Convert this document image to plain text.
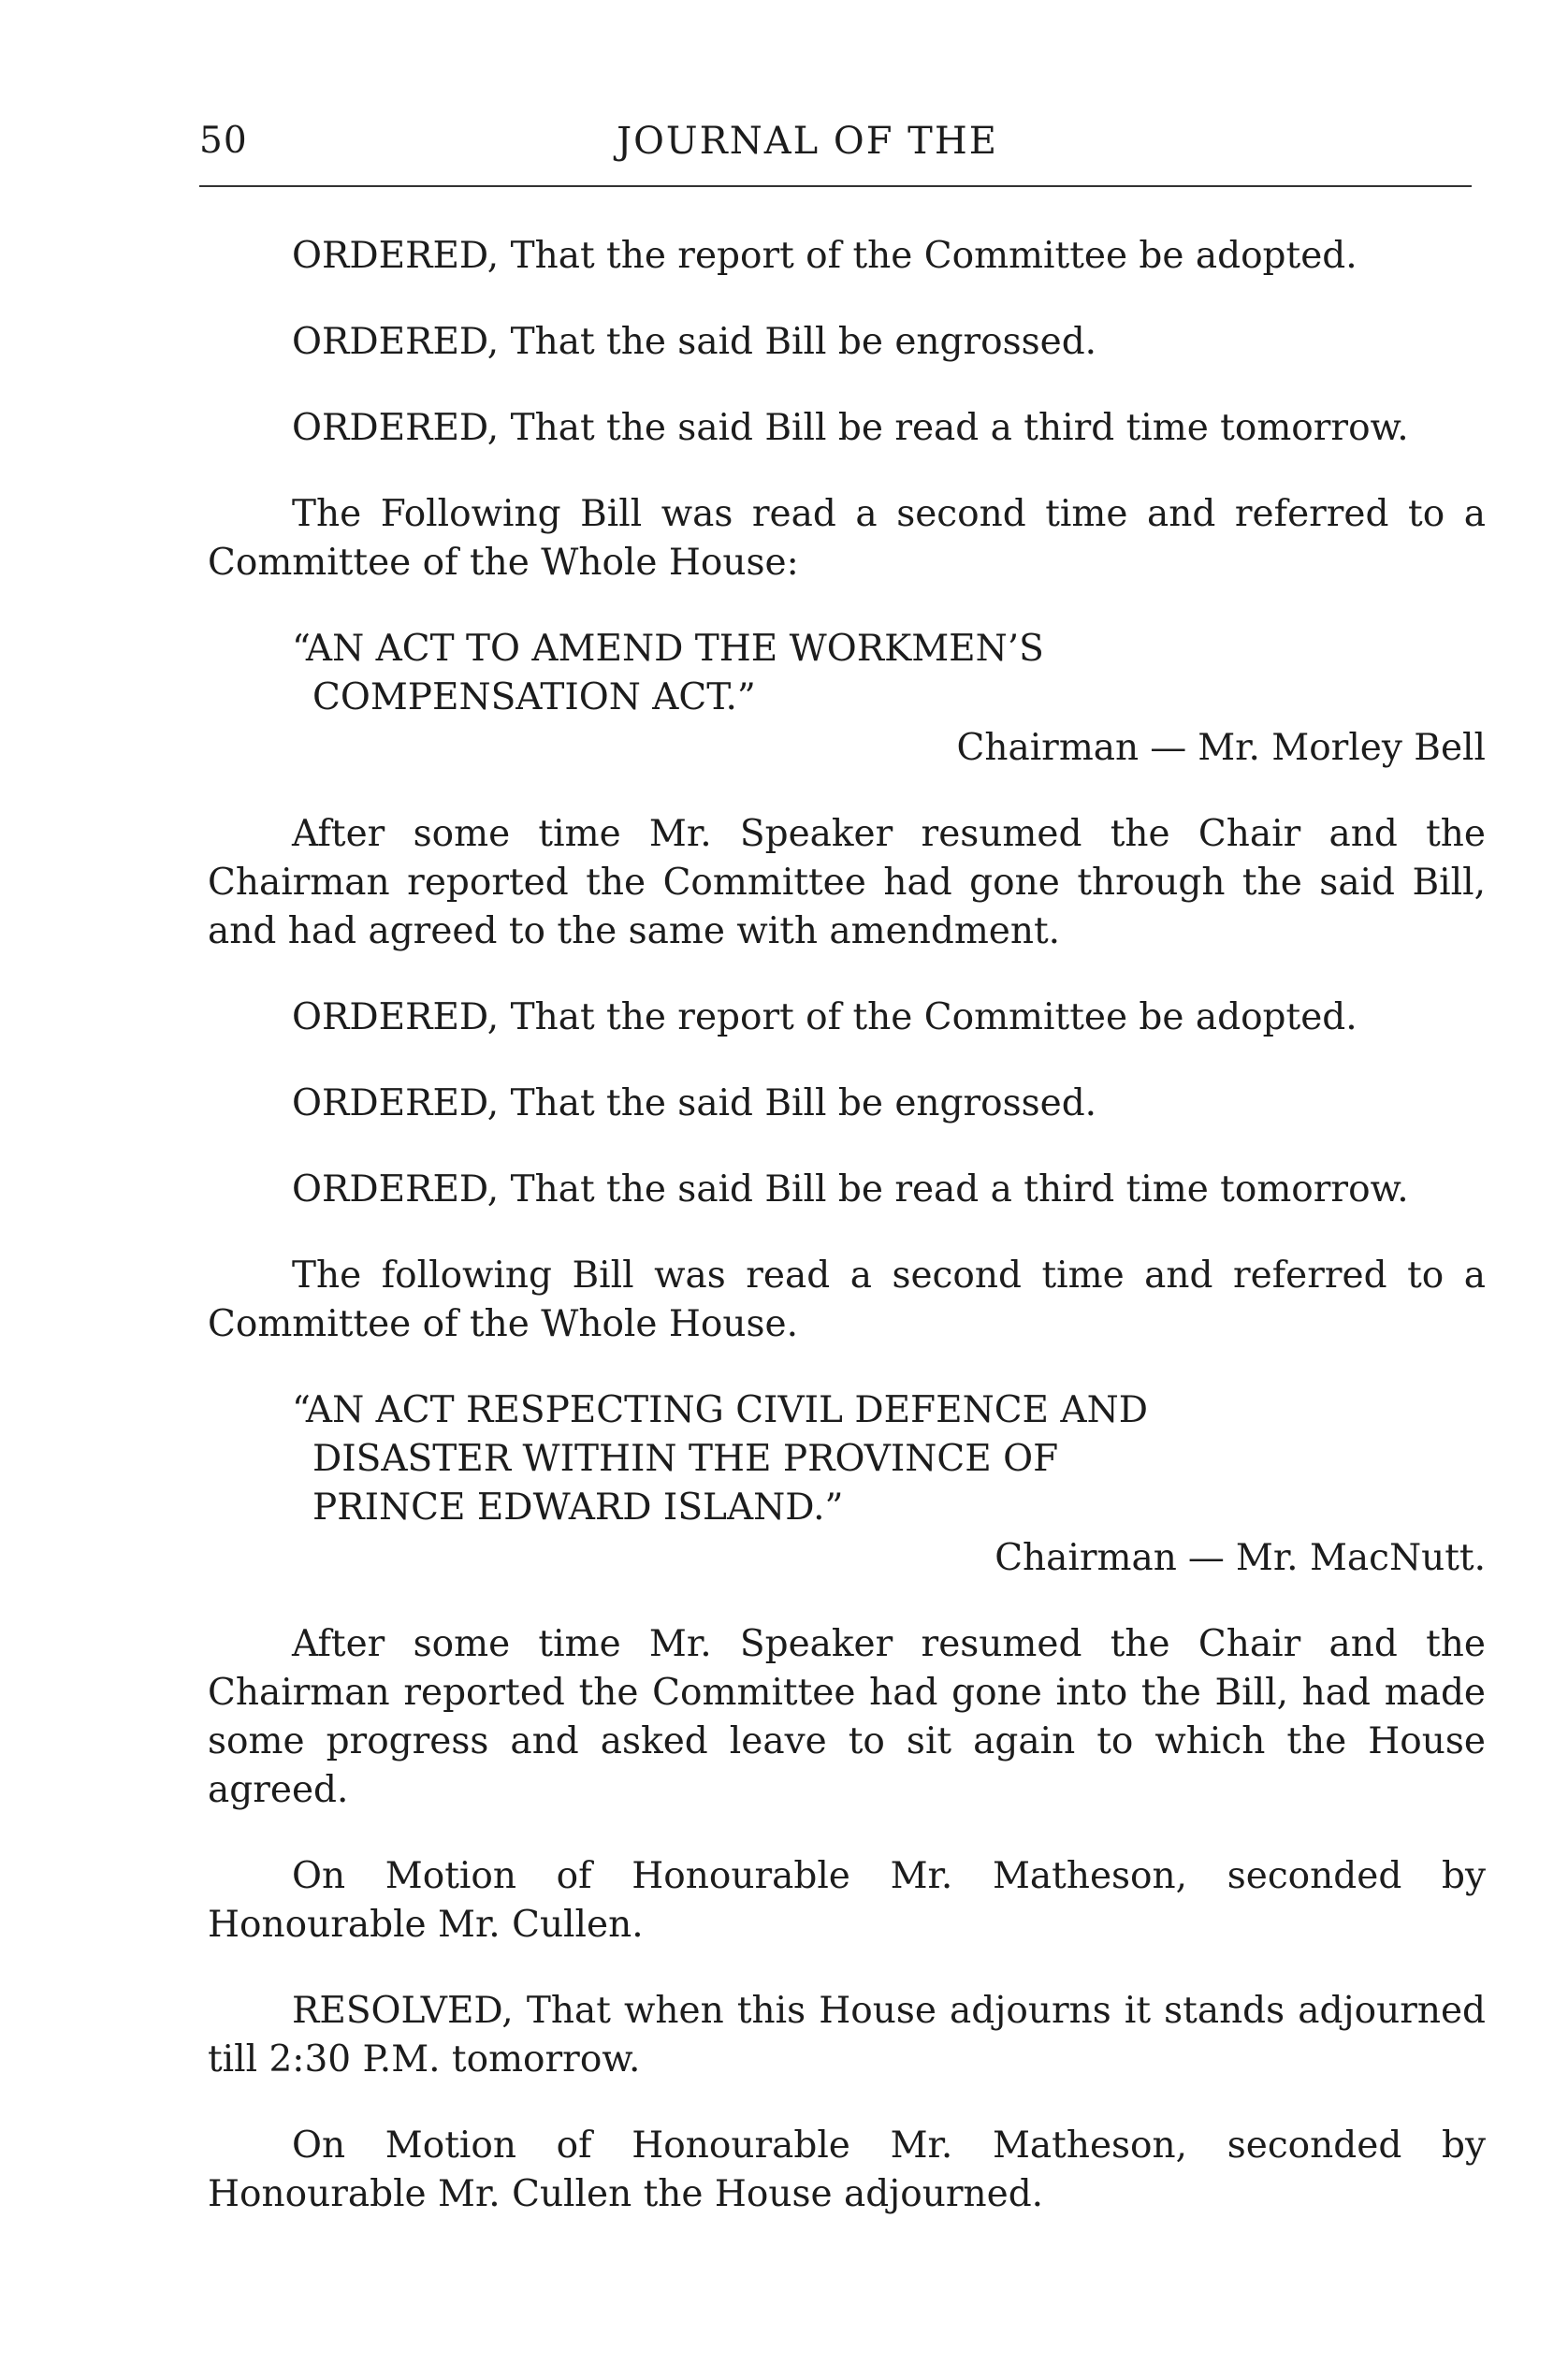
50	JOURNAL OF THE

ORDERED, That the report of the Committee be adopted.

ORDERED, That the said Bill be engrossed.

ORDERED, That the said Bill be read a third time tomorrow.

The Following Bill was read a second time and referred to a Committee of the Whole House:

“AN ACT TO AMEND THE WORKMEN’S
COMPENSATION ACT.”
Chairman — Mr. Morley Bell

After some time Mr. Speaker resumed the Chair and the Chairman reported the Committee had gone through the said Bill, and had agreed to the same with amendment.

ORDERED, That the report of the Committee be adopted.

ORDERED, That the said Bill be engrossed.

ORDERED, That the said Bill be read a third time tomorrow.

The following Bill was read a second time and referred to a Committee of the Whole House.

“AN ACT RESPECTING CIVIL DEFENCE AND
DISASTER WITHIN THE PROVINCE OF
PRINCE EDWARD ISLAND.”
Chairman — Mr. MacNutt.

After some time Mr. Speaker resumed the Chair and the Chairman reported the Committee had gone into the Bill, had made some progress and asked leave to sit again to which the House agreed.

On Motion of Honourable Mr. Matheson, seconded by Honourable Mr. Cullen.

RESOLVED, That when this House adjourns it stands adjourned till 2:30 P.M. tomorrow.

On Motion of Honourable Mr. Matheson, seconded by Honourable Mr. Cullen the House adjourned.
